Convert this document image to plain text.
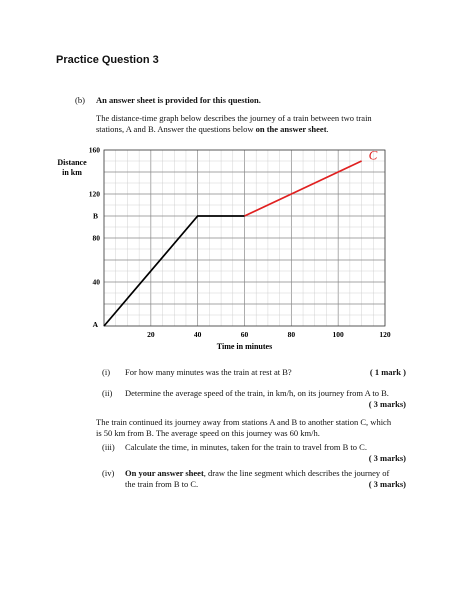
Practice Question 3
(b) An answer sheet is provided for this question.
The distance-time graph below describes the journey of a train between two train
stations, A and B. Answer the questions below on the answer sheet.
20	40	60	80	100	120
40
80
120
160
B
A
Distance
in km
Time in minutes
C
(i) For how many minutes was the train at rest at B?	( 1 mark )
(ii) Determine the average speed of the train, in km/h, on its journey from A to B.
( 3 marks)
The train continued its journey away from stations A and B to another station C, which
is 50 km from B. The average speed on this journey was 60 km/h.
(iii) Calculate the time, in minutes, taken for the train to travel from B to C.
( 3 marks)
(iv) On your answer sheet, draw the line segment which describes the journey of
the train from B to C.	( 3 marks)
